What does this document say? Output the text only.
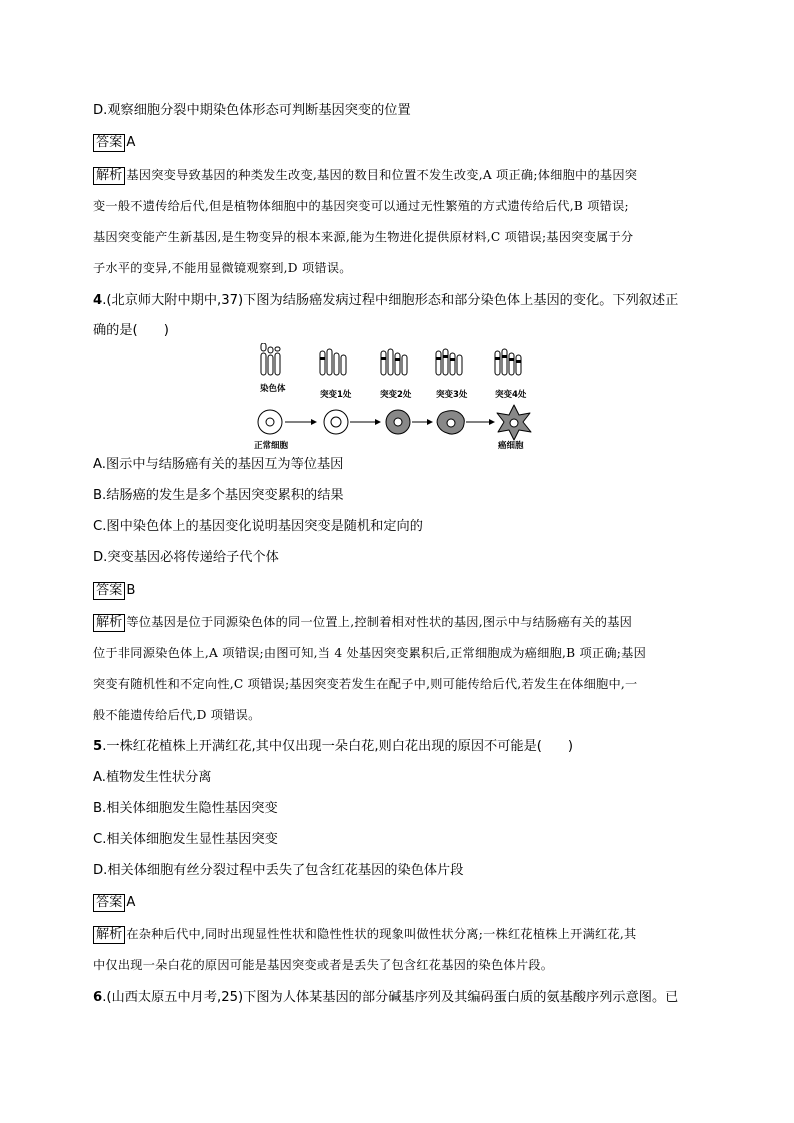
D.观察细胞分裂中期染色体形态可判断基因突变的位置
答案 A
解析 基因突变导致基因的种类发生改变,基因的数目和位置不发生改变,A 项正确;体细胞中的基因突
变一般不遗传给后代,但是植物体细胞中的基因突变可以通过无性繁殖的方式遗传给后代,B 项错误;
基因突变能产生新基因,是生物变异的根本来源,能为生物进化提供原材料,C 项错误;基因突变属于分
子水平的变异,不能用显微镜观察到,D 项错误。
4.(北京师大附中期中,37)下图为结肠癌发病过程中细胞形态和部分染色体上基因的变化。下列叙述正
确的是( )
染色体
突变1处	突变2处	突变3处	突变4处
正常细胞	癌细胞
A.图示中与结肠癌有关的基因互为等位基因
B.结肠癌的发生是多个基因突变累积的结果
C.图中染色体上的基因变化说明基因突变是随机和定向的
D.突变基因必将传递给子代个体
答案 B
解析 等位基因是位于同源染色体的同一位置上,控制着相对性状的基因,图示中与结肠癌有关的基因
位于非同源染色体上,A 项错误;由图可知,当 4 处基因突变累积后,正常细胞成为癌细胞,B 项正确;基因
突变有随机性和不定向性,C 项错误;基因突变若发生在配子中,则可能传给后代,若发生在体细胞中,一
般不能遗传给后代,D 项错误。
5.一株红花植株上开满红花,其中仅出现一朵白花,则白花出现的原因不可能是( )
A.植物发生性状分离
B.相关体细胞发生隐性基因突变
C.相关体细胞发生显性基因突变
D.相关体细胞有丝分裂过程中丢失了包含红花基因的染色体片段
答案 A
解析 在杂种后代中,同时出现显性性状和隐性性状的现象叫做性状分离;一株红花植株上开满红花,其
中仅出现一朵白花的原因可能是基因突变或者是丢失了包含红花基因的染色体片段。
6.(山西太原五中月考,25)下图为人体某基因的部分碱基序列及其编码蛋白质的氨基酸序列示意图。已
